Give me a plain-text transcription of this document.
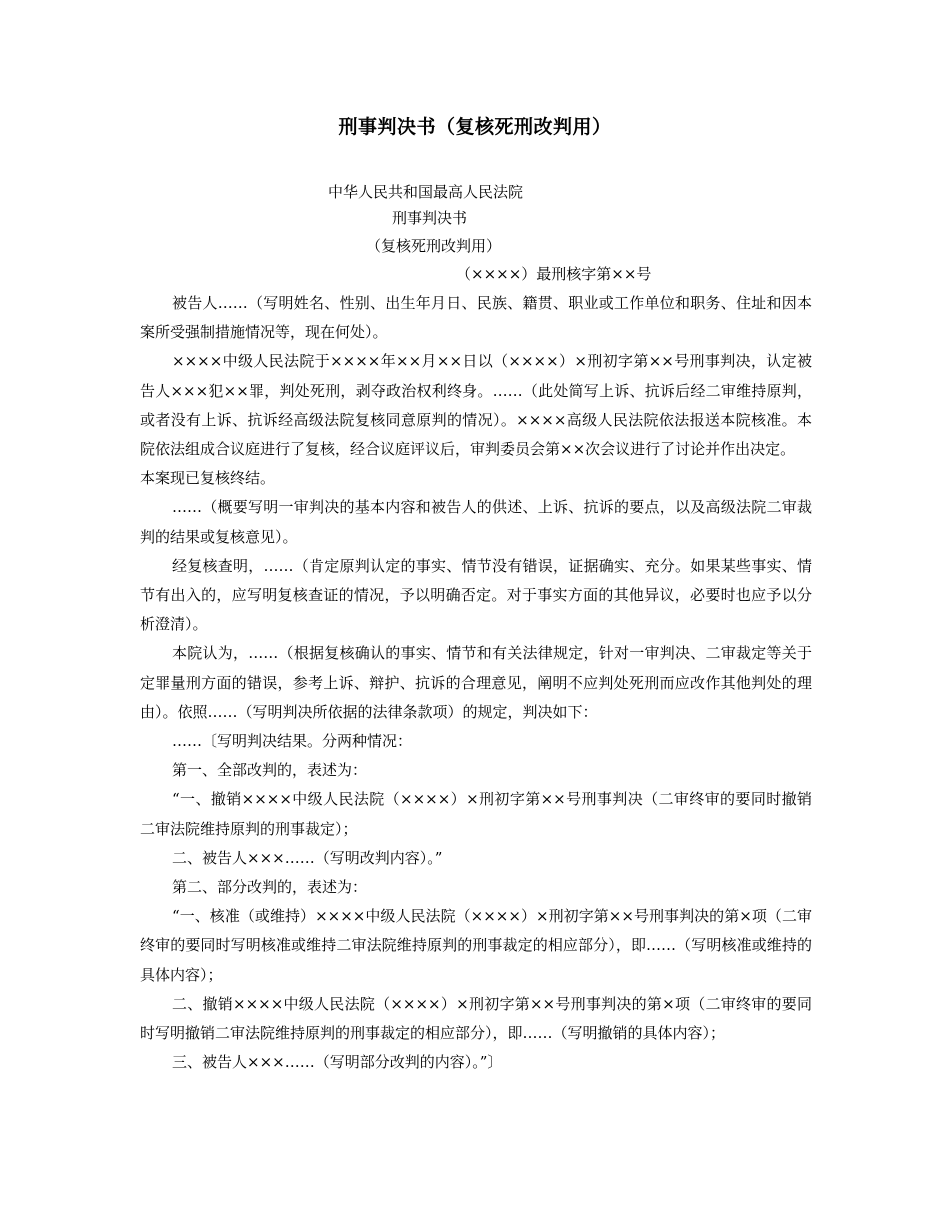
刑事判决书（复核死刑改判用）
中华人民共和国最高人民法院
刑事判决书
（复核死刑改判用）
（××××）最刑核字第××号

被告人……（写明姓名、性别、出生年月日、民族、籍贯、职业或工作单位和职务、住址和因本案所受强制措施情况等，现在何处）。

××××中级人民法院于××××年××月××日以（××××）×刑初字第××号刑事判决，认定被告人×××犯××罪，判处死刑，剥夺政治权利终身。……（此处简写上诉、抗诉后经二审维持原判，或者没有上诉、抗诉经高级法院复核同意原判的情况）。××××高级人民法院依法报送本院核准。本院依法组成合议庭进行了复核，经合议庭评议后，审判委员会第××次会议进行了讨论并作出决定。

本案现已复核终结。

……（概要写明一审判决的基本内容和被告人的供述、上诉、抗诉的要点，以及高级法院二审裁判的结果或复核意见）。

经复核查明，……（肯定原判认定的事实、情节没有错误，证据确实、充分。如果某些事实、情节有出入的，应写明复核查证的情况，予以明确否定。对于事实方面的其他异议，必要时也应予以分析澄清）。

本院认为，……（根据复核确认的事实、情节和有关法律规定，针对一审判决、二审裁定等关于定罪量刑方面的错误，参考上诉、辩护、抗诉的合理意见，阐明不应判处死刑而应改作其他判处的理由）。依照……（写明判决所依据的法律条款项）的规定，判决如下：

……〔写明判决结果。分两种情况：

第一、全部改判的，表述为：

“一、撤销××××中级人民法院（××××）×刑初字第××号刑事判决（二审终审的要同时撤销二审法院维持原判的刑事裁定）；

二、被告人×××……（写明改判内容）。”

第二、部分改判的，表述为：

“一、核准（或维持）××××中级人民法院（××××）×刑初字第××号刑事判决的第×项（二审终审的要同时写明核准或维持二审法院维持原判的刑事裁定的相应部分），即……（写明核准或维持的具体内容）；

二、撤销××××中级人民法院（××××）×刑初字第××号刑事判决的第×项（二审终审的要同时写明撤销二审法院维持原判的刑事裁定的相应部分），即……（写明撤销的具体内容）；

三、被告人×××……（写明部分改判的内容）。”〕
